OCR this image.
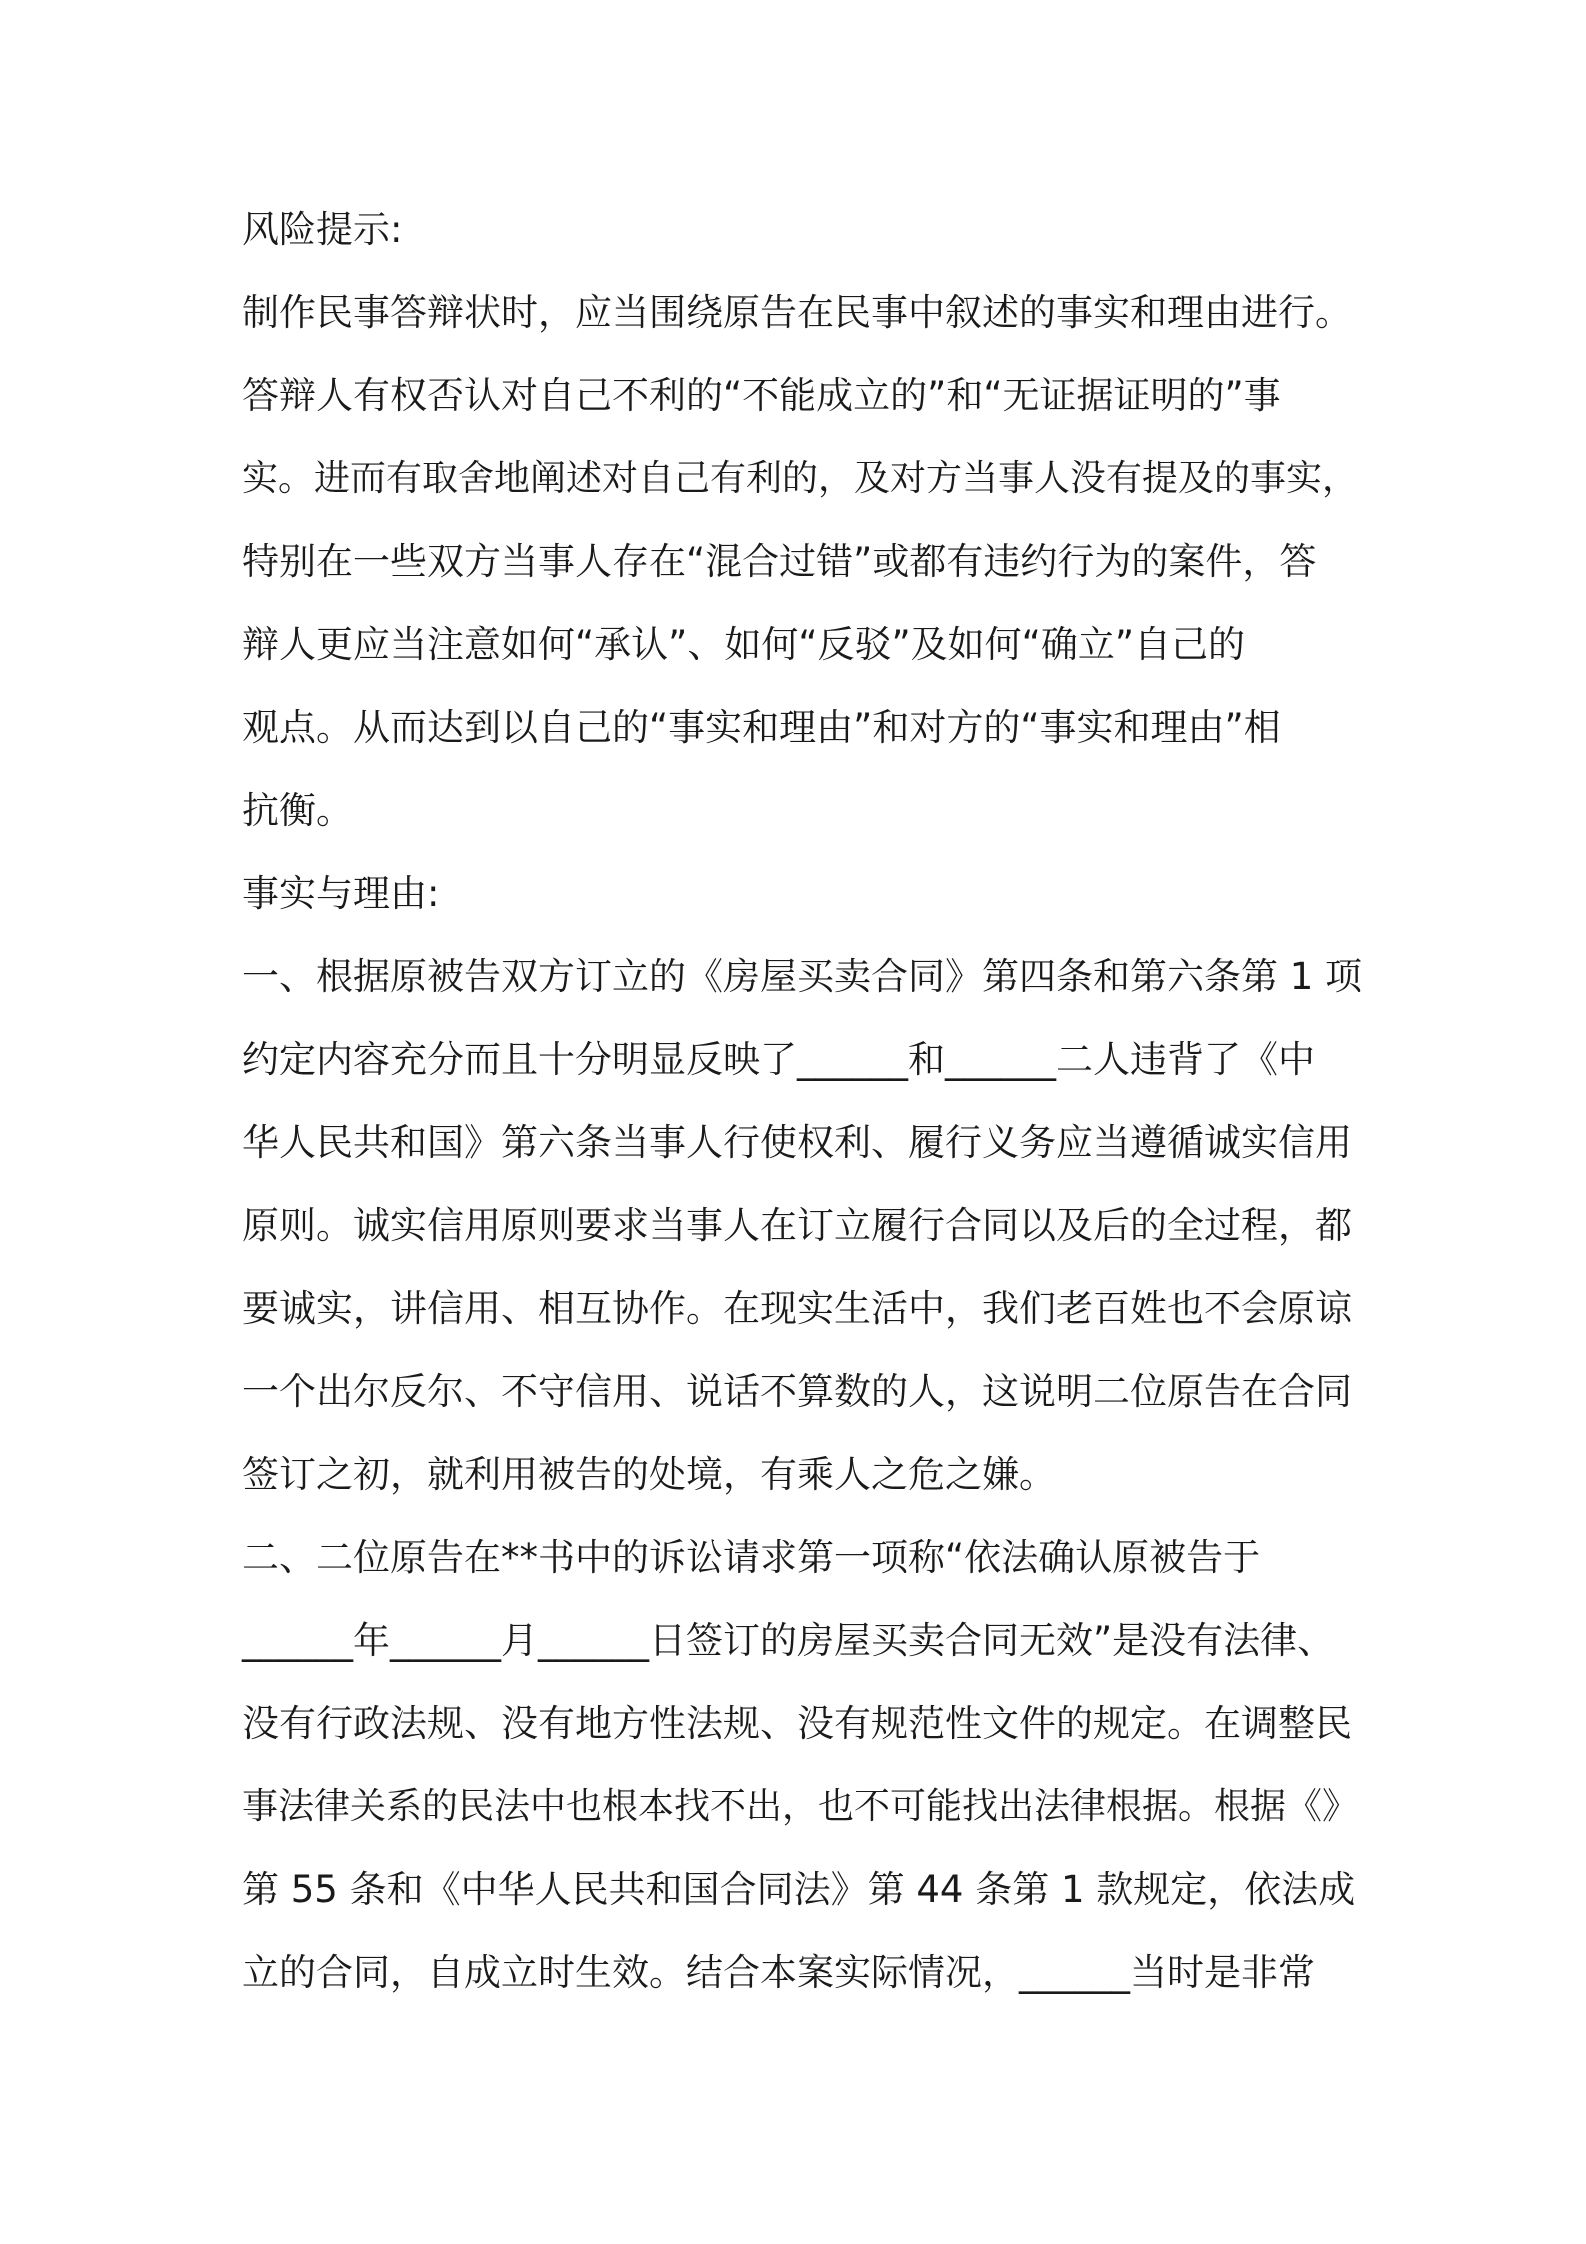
风险提示:
制作民事答辩状时，应当围绕原告在民事中叙述的事实和理由进行。
答辩人有权否认对自己不利的“不能成立的”和“无证据证明的”事
实。进而有取舍地阐述对自己有利的，及对方当事人没有提及的事实，
特别在一些双方当事人存在“混合过错”或都有违约行为的案件，答
辩人更应当注意如何“承认”、如何“反驳”及如何“确立”自己的
观点。从而达到以自己的“事实和理由”和对方的“事实和理由”相
抗衡。
事实与理由:
一、根据原被告双方订立的《房屋买卖合同》第四条和第六条第 1 项
约定内容充分而且十分明显反映了______和______二人违背了《中
华人民共和国》第六条当事人行使权利、履行义务应当遵循诚实信用
原则。诚实信用原则要求当事人在订立履行合同以及后的全过程，都
要诚实，讲信用、相互协作。在现实生活中，我们老百姓也不会原谅
一个出尔反尔、不守信用、说话不算数的人，这说明二位原告在合同
签订之初，就利用被告的处境，有乘人之危之嫌。
二、二位原告在**书中的诉讼请求第一项称“依法确认原被告于
______年______月______日签订的房屋买卖合同无效”是没有法律、
没有行政法规、没有地方性法规、没有规范性文件的规定。在调整民
事法律关系的民法中也根本找不出，也不可能找出法律根据。根据《》
第 55 条和《中华人民共和国合同法》第 44 条第 1 款规定，依法成
立的合同，自成立时生效。结合本案实际情况，______当时是非常
